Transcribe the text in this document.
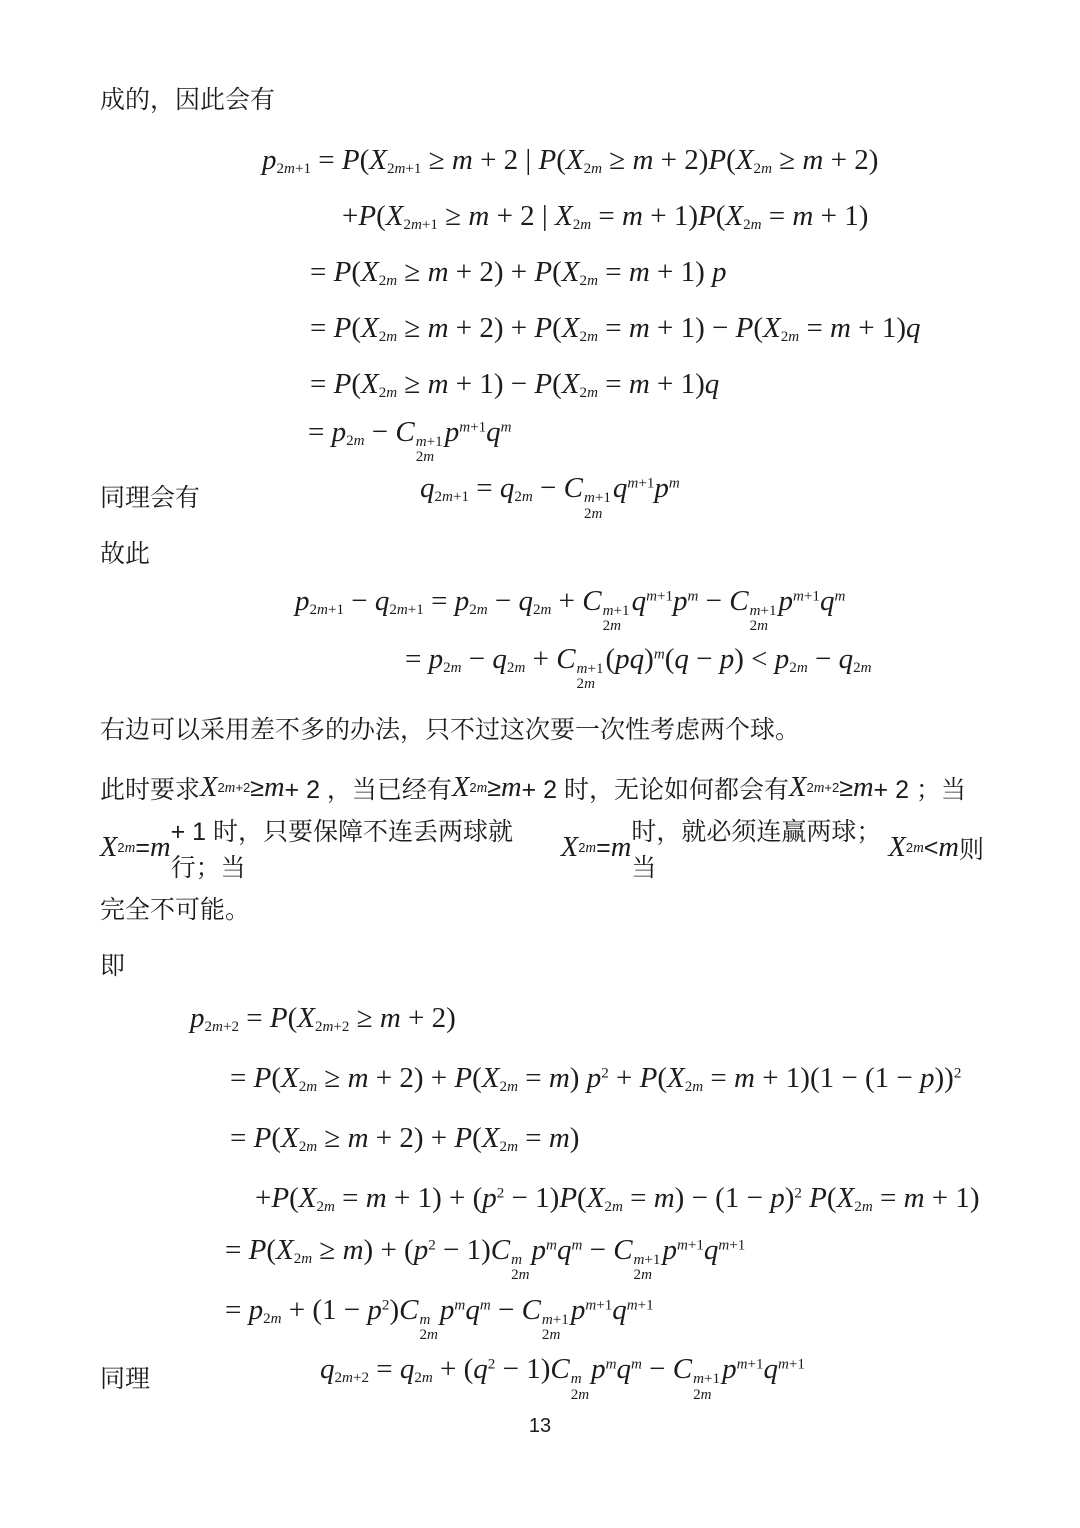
成的，因此会有

$p_{2m+1} = P(X_{2m+1} \ge m + 2$ | $P(X_{2m} \ge m + 2)P(X_{2m} \ge m + 2)$
$+P(X_{2m+1} \ge m + 2$ | $X_{2m} = m + 1)P(X_{2m} = m + 1)$
= $P(X_{2m} \ge m + 2) + P(X_{2m} = m + 1)$ p
= $P(X_{2m} \ge m + 2) + P(X_{2m} = m + 1) - P(X_{2m} = m + 1)q$
= $P(X_{2m} \ge m + 1) - P(X_{2m} = m + 1)q$
= $p_{2m} - C$ m+1
2m
$p^{m+1}q^m$
同理会有	$q_{2m+1} = q_{2m} - C$ m+1
2m
$q^{m+1}p^m$
故此
$p_{2m+1} - q_{2m+1} = p_{2m} - q_{2m} + C$ m+1
2m
$q^{m+1}p^m - C$ m+1
2m
$p^{m+1}q^m$
= $p_{2m} - q_{2m} + C$ m+1
2m
$(pq)^m(q - p) < p_{2m} - q_{2m}$
右边可以采用差不多的办法，只不过这次要一次性考虑两个球。
此时要求 X 2m+2 ≥ m + 2 ，当已经有 X 2m ≥ m + 2 时，无论如何都会有 X 2m+2 ≥ m + 2 ；当
X 2m = m + 1 时，只要保障不连丢两球就行；当
X 2m = m 时，就必须连赢两球；当
X 2m < m 则
完全不可能。
即
$p_{2m+2} = P(X_{2m+2} \ge m + 2)$
= $P(X_{2m} \ge m + 2) + P(X_{2m} = m) p^2 + P(X_{2m} = m + 1)(1 - (1 - p))^2$
= $P(X_{2m} \ge m + 2) + P(X_{2m} = m)$
$+P(X_{2m} = m + 1) + (p^2 - 1)P(X_{2m} = m) - (1 - p)^2$ $P(X_{2m} = m + 1)$
= $P(X_{2m} \ge m) + (p^2 - 1)C$ m
2m
$p^mq^m - C$ m+1
2m
$p^{m+1}q^{m+1}$
= $p_{2m} + (1 - p^2)C$ m
2m
$p^mq^m - C$ m+1
2m
$p^{m+1}q^{m+1}$
同理	$q_{2m+2} = q_{2m} + (q^2 - 1)C$ m
2m
$p^mq^m - C$ m+1
2m
$p^{m+1}q^{m+1}$
13
